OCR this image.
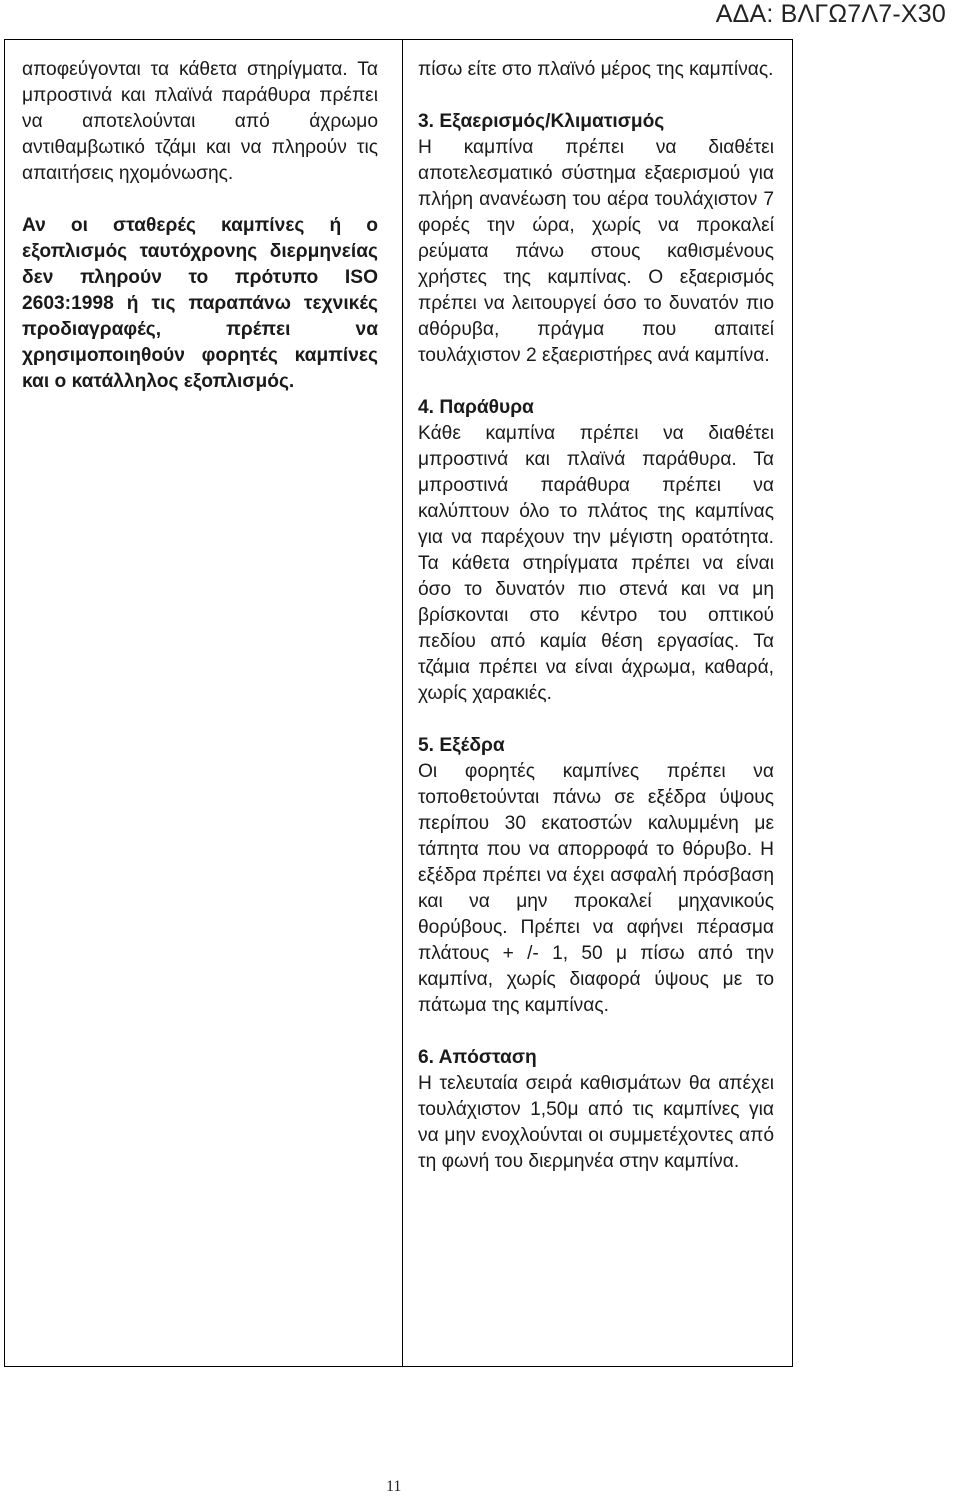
ΑΔΑ: ΒΛΓΩ7Λ7-Χ30

αποφεύγονται τα κάθετα στηρίγματα. Τα μπροστινά και πλαϊνά παράθυρα πρέπει να αποτελούνται από άχρωμο αντιθαμβωτικό τζάμι και να πληρούν τις απαιτήσεις ηχομόνωσης.

Αν οι σταθερές καμπίνες ή ο εξοπλισμός ταυτόχρονης διερμηνείας δεν πληρούν το πρότυπο ISO 2603:1998 ή τις παραπάνω τεχνικές προδιαγραφές, πρέπει να χρησιμοποιηθούν φορητές καμπίνες και ο κατάλληλος εξοπλισμός.

πίσω είτε στο πλαϊνό μέρος της καμπίνας.

3. Εξαερισμός/Κλιματισμός

Η καμπίνα πρέπει να διαθέτει αποτελεσματικό σύστημα εξαερισμού για πλήρη ανανέωση του αέρα τουλάχιστον 7 φορές την ώρα, χωρίς να προκαλεί ρεύματα πάνω στους καθισμένους χρήστες της καμπίνας. Ο εξαερισμός πρέπει να λειτουργεί όσο το δυνατόν πιο αθόρυβα, πράγμα που απαιτεί τουλάχιστον 2 εξαεριστήρες ανά καμπίνα.

4. Παράθυρα

Κάθε καμπίνα πρέπει να διαθέτει μπροστινά και πλαϊνά παράθυρα. Τα μπροστινά παράθυρα πρέπει να καλύπτουν όλο το πλάτος της καμπίνας για να παρέχουν την μέγιστη ορατότητα. Τα κάθετα στηρίγματα πρέπει να είναι όσο το δυνατόν πιο στενά και να μη βρίσκονται στο κέντρο του οπτικού πεδίου από καμία θέση εργασίας. Τα τζάμια πρέπει να είναι άχρωμα, καθαρά, χωρίς χαρακιές.

5. Εξέδρα

Οι φορητές καμπίνες πρέπει να τοποθετούνται πάνω σε εξέδρα ύψους περίπου 30 εκατοστών καλυμμένη με τάπητα που να απορροφά το θόρυβο. Η εξέδρα πρέπει να έχει ασφαλή πρόσβαση και να μην προκαλεί μηχανικούς θορύβους. Πρέπει να αφήνει πέρασμα πλάτους + /- 1, 50 μ πίσω από την καμπίνα, χωρίς διαφορά ύψους με το πάτωμα της καμπίνας.

6. Απόσταση

Η τελευταία σειρά καθισμάτων θα απέχει τουλάχιστον 1,50μ από τις καμπίνες για να μην ενοχλούνται οι συμμετέχοντες από τη φωνή του διερμηνέα στην καμπίνα.

11
